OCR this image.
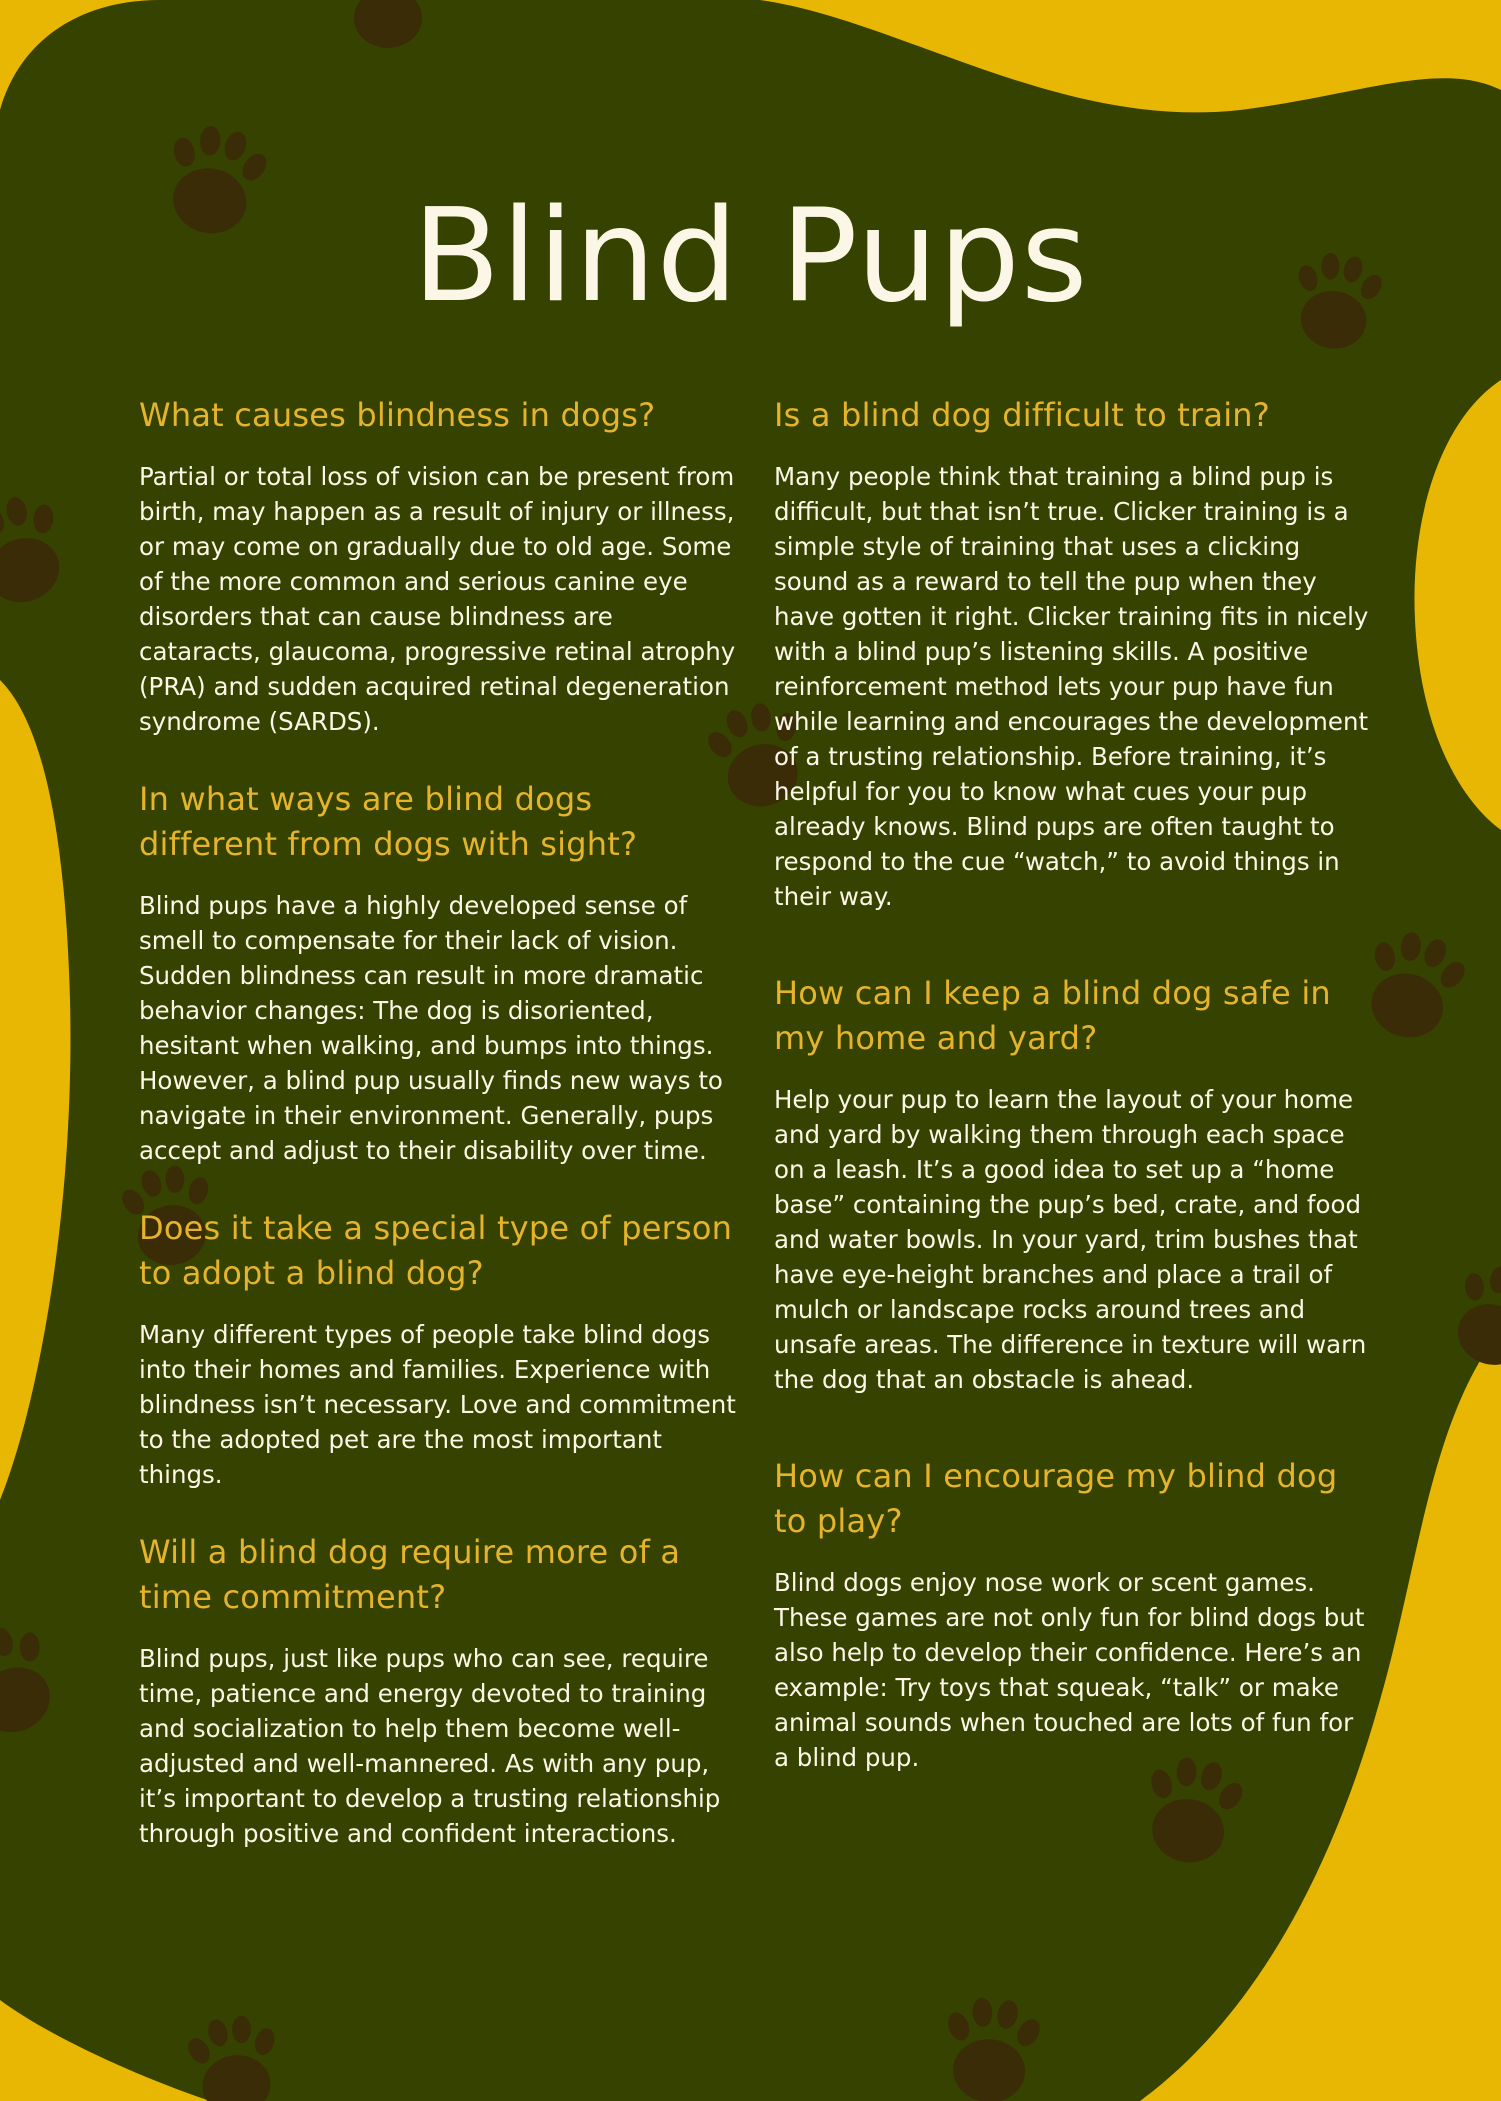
Blind Pups
What causes blindness in dogs?

Partial or total loss of vision can be present from birth, may happen as a result of injury or illness, or may come on gradually due to old age. Some of the more common and serious canine eye disorders that can cause blindness are cataracts, glaucoma, progressive retinal atrophy (PRA) and sudden acquired retinal degeneration syndrome (SARDS).

In what ways are blind dogs different from dogs with sight?

Blind pups have a highly developed sense of smell to compensate for their lack of vision. Sudden blindness can result in more dramatic behavior changes: The dog is disoriented, hesitant when walking, and bumps into things. However, a blind pup usually finds new ways to navigate in their environment. Generally, pups accept and adjust to their disability over time.

Does it take a special type of person to adopt a blind dog?

Many different types of people take blind dogs into their homes and families. Experience with blindness isn’t necessary. Love and commitment to the adopted pet are the most important things.

Will a blind dog require more of a time commitment?

Blind pups, just like pups who can see, require time, patience and energy devoted to training and socialization to help them become well-adjusted and well-mannered. As with any pup, it’s important to develop a trusting relationship through positive and confident interactions.

Is a blind dog difficult to train?

Many people think that training a blind pup is difficult, but that isn’t true. Clicker training is a simple style of training that uses a clicking sound as a reward to tell the pup when they have gotten it right. Clicker training fits in nicely with a blind pup’s listening skills. A positive reinforcement method lets your pup have fun while learning and encourages the development of a trusting relationship. Before training, it’s helpful for you to know what cues your pup already knows. Blind pups are often taught to respond to the cue “watch,” to avoid things in their way.

How can I keep a blind dog safe in my home and yard?

Help your pup to learn the layout of your home and yard by walking them through each space on a leash. It’s a good idea to set up a “home base” containing the pup’s bed, crate, and food and water bowls. In your yard, trim bushes that have eye-height branches and place a trail of mulch or landscape rocks around trees and unsafe areas. The difference in texture will warn the dog that an obstacle is ahead.

How can I encourage my blind dog to play?

Blind dogs enjoy nose work or scent games. These games are not only fun for blind dogs but also help to develop their confidence. Here’s an example: Try toys that squeak, “talk” or make animal sounds when touched are lots of fun for a blind pup.
